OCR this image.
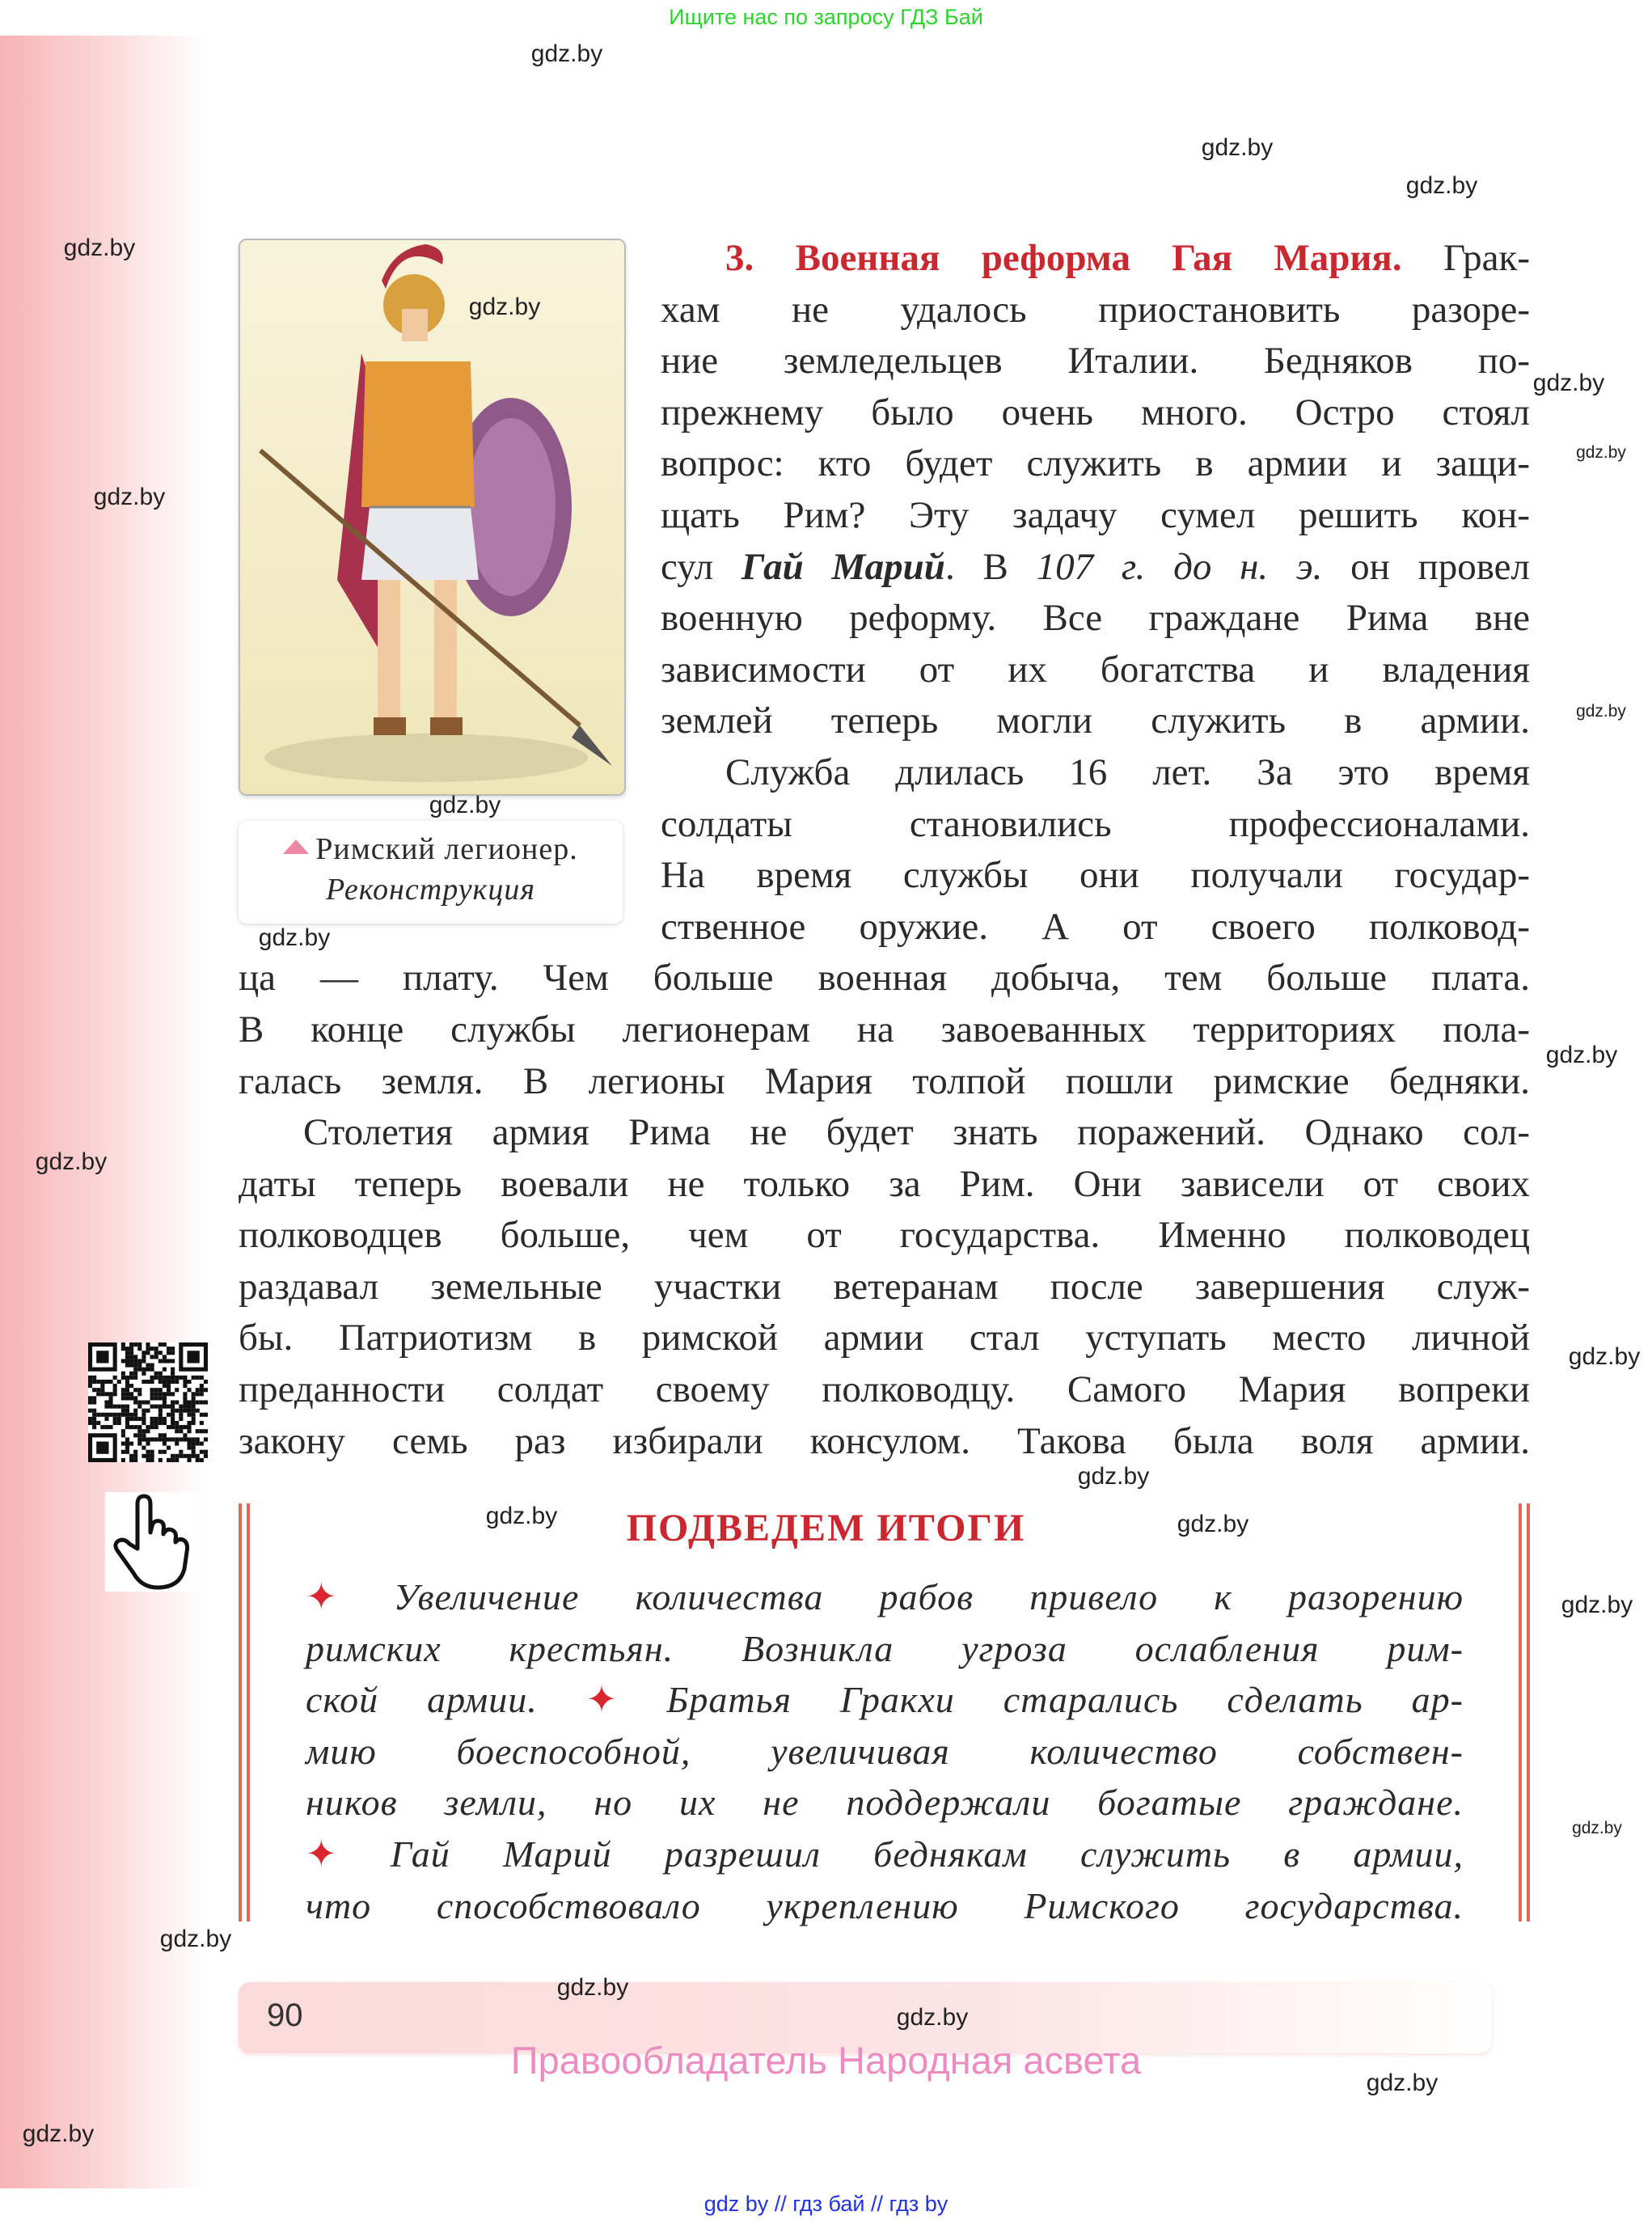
Ищите нас по запросу ГДЗ Бай
Римский легионер.
Реконструкция
3. Военная реформа Гая Мария. Грак-
хам не удалось приостановить разоре-
ние земледельцев Италии. Бедняков по-
прежнему было очень много. Остро стоял
вопрос: кто будет служить в армии и защи-
щать Рим? Эту задачу сумел решить кон-
сул Гай Марий. В 107 г. до н. э. он провел
военную реформу. Все граждане Рима вне
зависимости от их богатства и владения
землей теперь могли служить в армии.
Служба длилась 16 лет. За это время
солдаты становились профессионалами.
На время службы они получали государ-
ственное оружие. А от своего полковод-
ца — плату. Чем больше военная добыча, тем больше плата.
В конце службы легионерам на завоеванных территориях пола-
галась земля. В легионы Мария толпой пошли римские бедняки.
Столетия армия Рима не будет знать поражений. Однако сол-
даты теперь воевали не только за Рим. Они зависели от своих
полководцев больше, чем от государства. Именно полководец
раздавал земельные участки ветеранам после завершения служ-
бы. Патриотизм в римской армии стал уступать место личной
преданности солдат своему полководцу. Самого Мария вопреки
закону семь раз избирали консулом. Такова была воля армии.
ПОДВЕДЕМ ИТОГИ
✦ Увеличение количества рабов привело к разорению
римских крестьян. Возникла угроза ослабления рим-
ской армии. ✦ Братья Гракхи старались сделать ар-
мию боеспособной, увеличивая количество собствен-
ников земли, но их не поддержали богатые граждане.
✦ Гай Марий разрешил беднякам служить в армии,
что способствовало укреплению Римского государства.
90
Правообладатель Народная асвета
gdz by // гдз бай // гдз by
gdz.by
gdz.by
gdz.by
gdz.by
gdz.by
gdz.by
gdz.by
gdz.by
gdz.by
gdz.by
gdz.by
gdz.by
gdz.by
gdz.by
gdz.by
gdz.by	gdz.by
gdz.by
gdz.by
gdz.by
gdz.by
gdz.by
gdz.by
gdz.by
